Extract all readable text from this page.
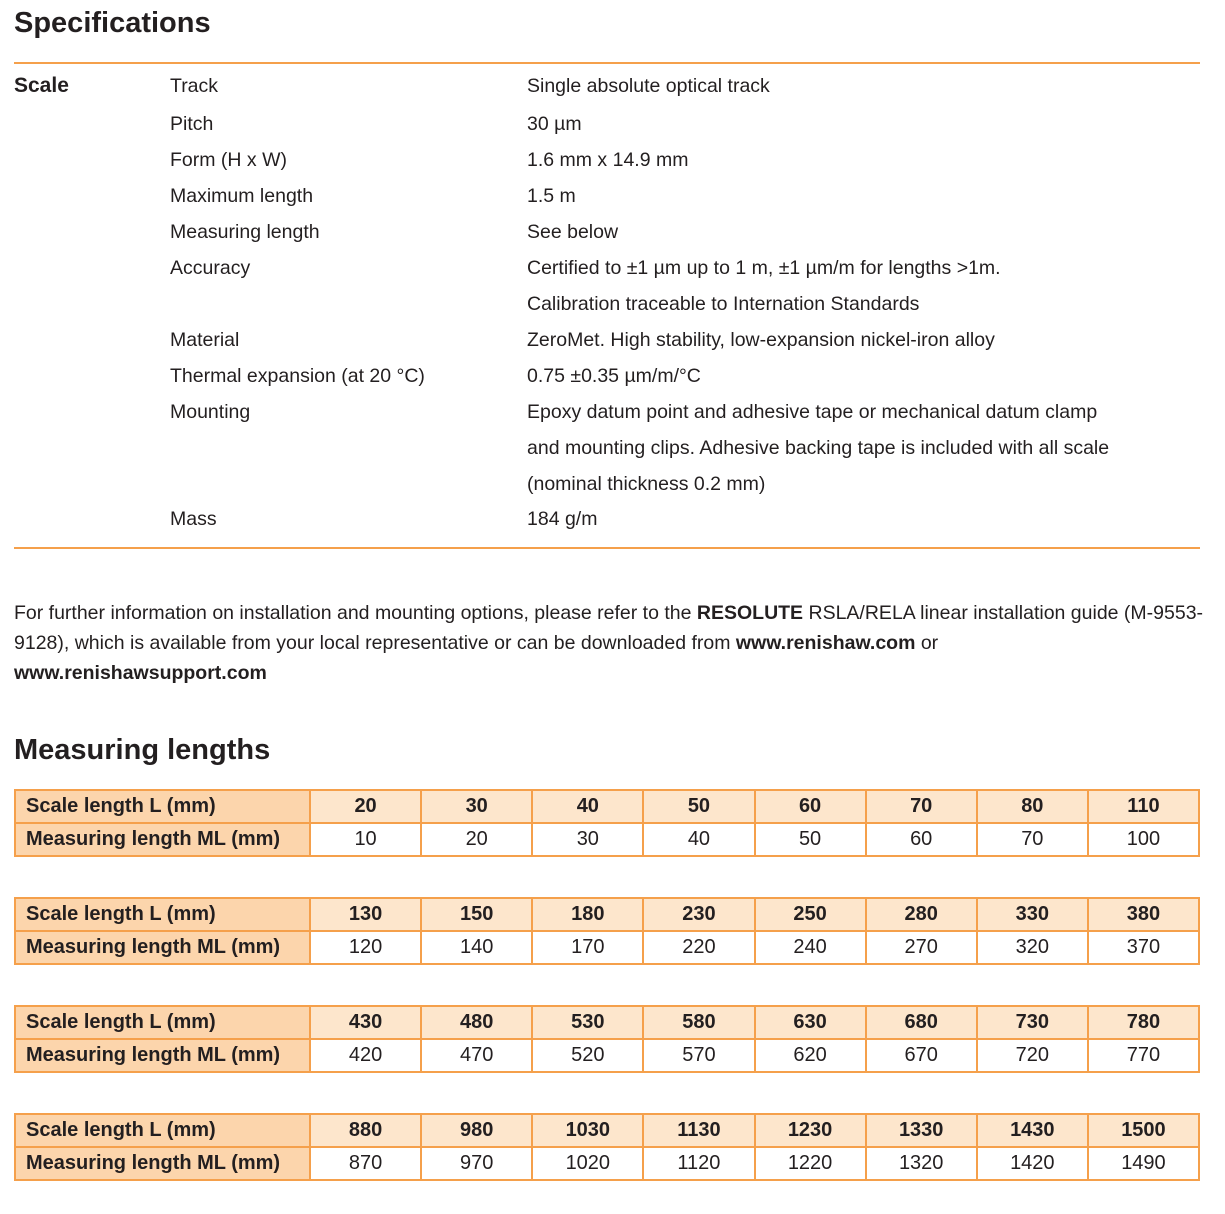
Specifications
Scale	Track	Single absolute optical track
Pitch	30 µm
Form (H x W)	1.6 mm x 14.9 mm
Maximum length	1.5 m
Measuring length	See below
Accuracy	Certified to ±1 µm up to 1 m, ±1 µm/m for lengths >1m.
Calibration traceable to Internation Standards
Material	ZeroMet. High stability, low-expansion nickel-iron alloy
Thermal expansion (at 20 °C)	0.75 ±0.35 µm/m/°C
Mounting	Epoxy datum point and adhesive tape or mechanical datum clamp
and mounting clips. Adhesive backing tape is included with all scale
(nominal thickness 0.2 mm)
Mass	184 g/m

For further information on installation and mounting options, please refer to the RESOLUTE RSLA/RELA linear installation guide (M-9553-9128), which is available from your local representative or can be downloaded from www.renishaw.com or
www.renishawsupport.com

Measuring lengths
Scale length L (mm)	20	30	40	50	60	70	80	110
Measuring length ML (mm)	10	20	30	40	50	60	70	100
Scale length L (mm)	130	150	180	230	250	280	330	380
Measuring length ML (mm)	120	140	170	220	240	270	320	370
Scale length L (mm)	430	480	530	580	630	680	730	780
Measuring length ML (mm)	420	470	520	570	620	670	720	770
Scale length L (mm)	880	980	1030	1130	1230	1330	1430	1500
Measuring length ML (mm)	870	970	1020	1120	1220	1320	1420	1490
